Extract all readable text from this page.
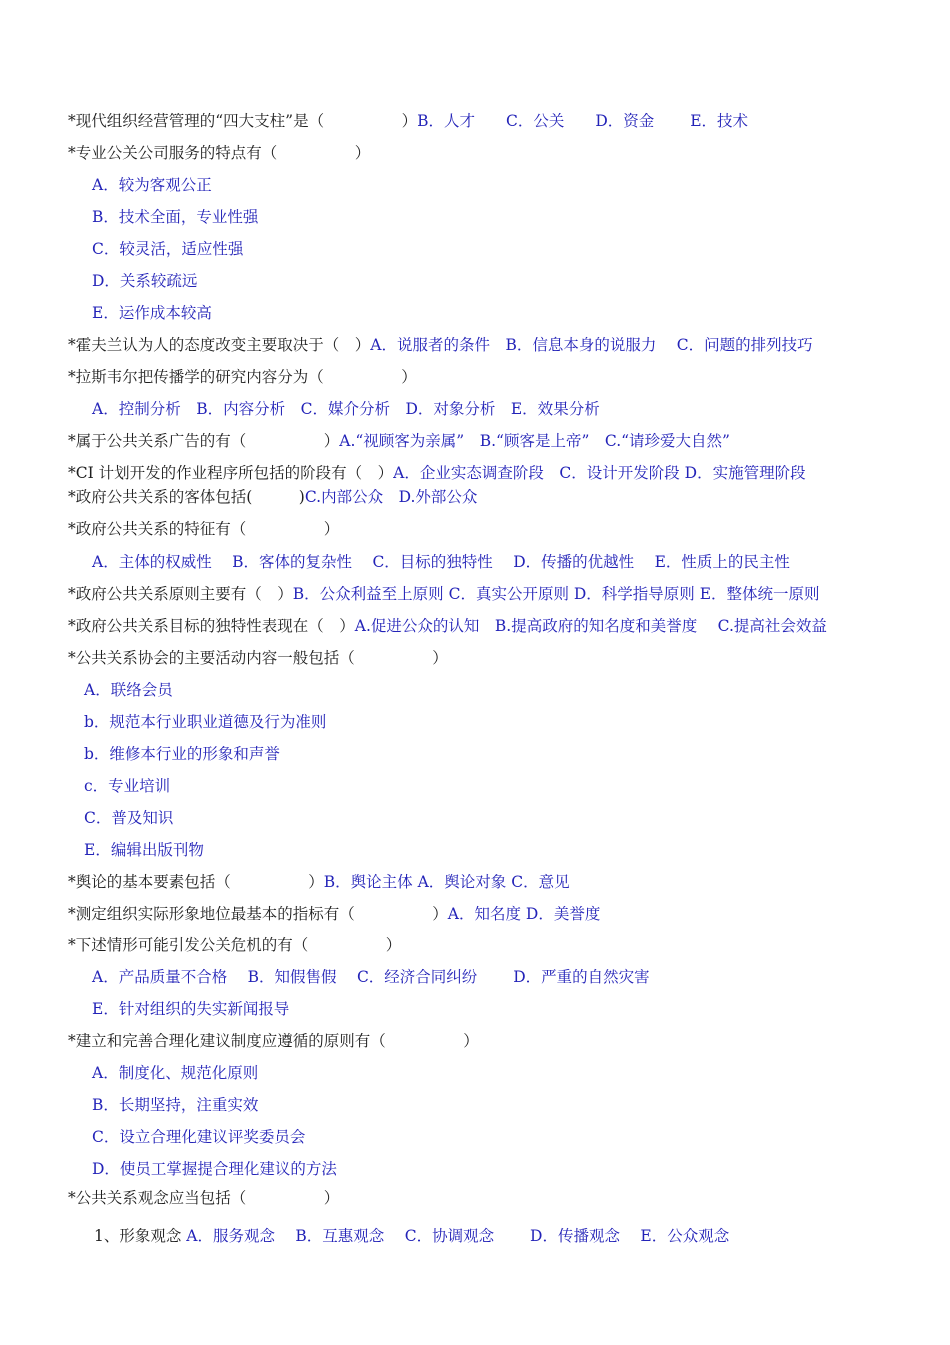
*现代组织经营管理的“四大支柱”是（　　　　　）B．人才　　C．公关　　D．资金　　 E．技术
*专业公关公司服务的特点有（　　　　　）
A．较为客观公正
B．技术全面，专业性强
C．较灵活，适应性强
D．关系较疏远
E．运作成本较高
*霍夫兰认为人的态度改变主要取决于（　）A．说服者的条件　B．信息本身的说服力　 C．问题的排列技巧
*拉斯韦尔把传播学的研究内容分为（　　　　　）
A．控制分析　B．内容分析　C．媒介分析　D．对象分析　E．效果分析
*属于公共关系广告的有（　　　　　）A.“视顾客为亲属”　B.“顾客是上帝”　C.“请珍爱大自然”
*CI 计划开发的作业程序所包括的阶段有（　）A．企业实态调查阶段　C．设计开发阶段 D．实施管理阶段
*政府公共关系的客体包括(　　　)C.内部公众　D.外部公众
*政府公共关系的特征有（　　　　　）
A．主体的权威性　 B．客体的复杂性　 C．目标的独特性　 D．传播的优越性　 E．性质上的民主性
*政府公共关系原则主要有（　）B．公众利益至上原则 C．真实公开原则 D．科学指导原则 E．整体统一原则
*政府公共关系目标的独特性表现在（　）A.促进公众的认知　B.提高政府的知名度和美誉度　 C.提高社会效益
*公共关系协会的主要活动内容一般包括（　　　　　）
A．联络会员
b．规范本行业职业道德及行为准则
b．维修本行业的形象和声誉
c．专业培训
C．普及知识
E．编辑出版刊物
*舆论的基本要素包括（　　　　　）B．舆论主体 A．舆论对象 C．意见
*测定组织实际形象地位最基本的指标有（　　　　　）A．知名度 D．美誉度
*下述情形可能引发公关危机的有（　　　　　）
A．产品质量不合格　 B．知假售假　 C．经济合同纠纷　　 D．严重的自然灾害
E．针对组织的失实新闻报导
*建立和完善合理化建议制度应遵循的原则有（　　　　　）
A．制度化、规范化原则
B．长期坚持，注重实效
C．设立合理化建议评奖委员会
D．使员工掌握提合理化建议的方法
*公共关系观念应当包括（　　　　　）
1、形象观念 A．服务观念　 B．互惠观念　 C．协调观念　　 D．传播观念　 E．公众观念
